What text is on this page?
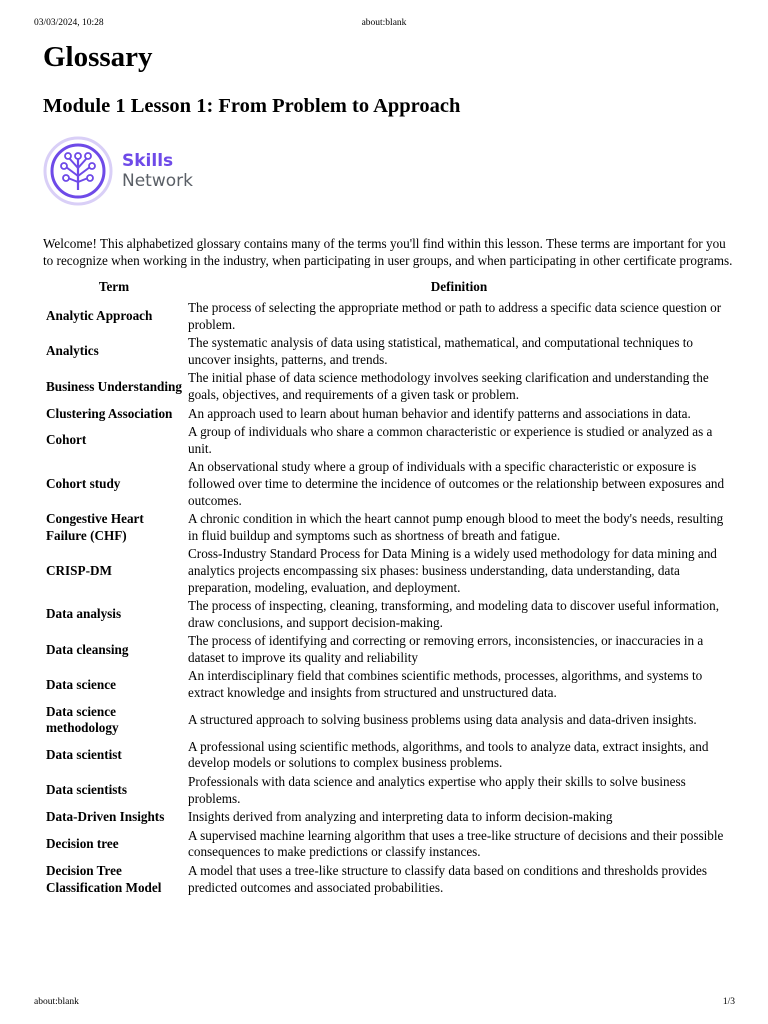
03/03/2024, 10:28	about:blank
Glossary
Module 1 Lesson 1: From Problem to Approach
Skills
Network

Welcome! This alphabetized glossary contains many of the terms you'll find within this lesson. These terms are important for you to recognize when working in the industry, when participating in user groups, and when participating in other certificate programs.

Term	Definition
Analytic Approach	The process of selecting the appropriate method or path to address a specific data science question or problem.
Analytics	The systematic analysis of data using statistical, mathematical, and computational techniques to uncover insights, patterns, and trends.
Business Understanding	The initial phase of data science methodology involves seeking clarification and understanding the goals, objectives, and requirements of a given task or problem.
Clustering Association	An approach used to learn about human behavior and identify patterns and associations in data.
Cohort	A group of individuals who share a common characteristic or experience is studied or analyzed as a unit.
Cohort study	An observational study where a group of individuals with a specific characteristic or exposure is followed over time to determine the incidence of outcomes or the relationship between exposures and outcomes.
Congestive Heart Failure (CHF)	A chronic condition in which the heart cannot pump enough blood to meet the body's needs, resulting in fluid buildup and symptoms such as shortness of breath and fatigue.
CRISP-DM	Cross-Industry Standard Process for Data Mining is a widely used methodology for data mining and analytics projects encompassing six phases: business understanding, data understanding, data preparation, modeling, evaluation, and deployment.
Data analysis	The process of inspecting, cleaning, transforming, and modeling data to discover useful information, draw conclusions, and support decision-making.
Data cleansing	The process of identifying and correcting or removing errors, inconsistencies, or inaccuracies in a dataset to improve its quality and reliability
Data science	An interdisciplinary field that combines scientific methods, processes, algorithms, and systems to extract knowledge and insights from structured and unstructured data.
Data science methodology	A structured approach to solving business problems using data analysis and data-driven insights.
Data scientist	A professional using scientific methods, algorithms, and tools to analyze data, extract insights, and develop models or solutions to complex business problems.
Data scientists	Professionals with data science and analytics expertise who apply their skills to solve business problems.
Data-Driven Insights	Insights derived from analyzing and interpreting data to inform decision-making
Decision tree	A supervised machine learning algorithm that uses a tree-like structure of decisions and their possible consequences to make predictions or classify instances.
Decision Tree Classification Model	A model that uses a tree-like structure to classify data based on conditions and thresholds provides predicted outcomes and associated probabilities.
about:blank	1/3
